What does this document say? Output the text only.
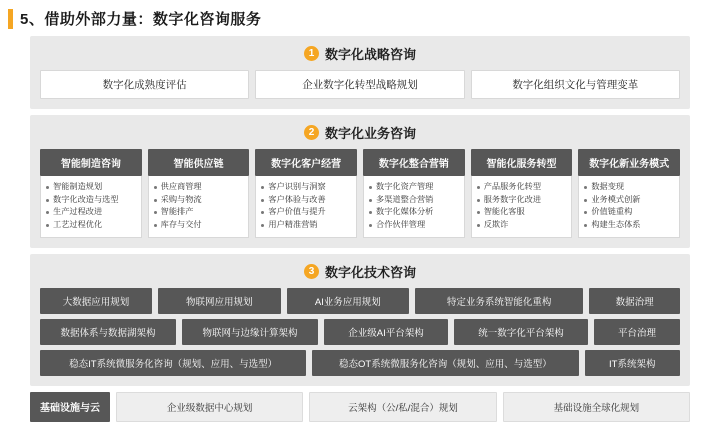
5、借助外部力量：数字化咨询服务
1 数字化战略咨询
数字化成熟度评估	企业数字化转型战略规划	数字化组织文化与管理变革
2 数字化业务咨询
智能制造咨询
智能制造规划
数字化改造与选型
生产过程改进
工艺过程优化
智能供应链
供应商管理
采购与物流
智能排产
库存与交付
数字化客户经营
客户识别与洞察
客户体验与改善
客户价值与提升
用户精准营销
数字化整合营销
数字化资产管理
多渠道整合营销
数字化媒体分析
合作伙伴管理
智能化服务转型
产品服务化转型
服务数字化改进
智能化客服
反欺诈
数字化新业务模式
数据变现
业务模式创新
价值链重构
构建生态体系
3 数字化技术咨询
大数据应用规划	物联网应用规划	AI业务应用规划	特定业务系统智能化重构	数据治理
数据体系与数据湖架构	物联网与边缘计算架构	企业级AI平台架构	统一数字化平台架构	平台治理
稳态IT系统微服务化咨询（规划、应用、与选型）	稳态OT系统微服务化咨询（规划、应用、与选型）	IT系统架构
基础设施与云	企业级数据中心规划	云架构（公/私/混合）规划	基础设施全球化规划
